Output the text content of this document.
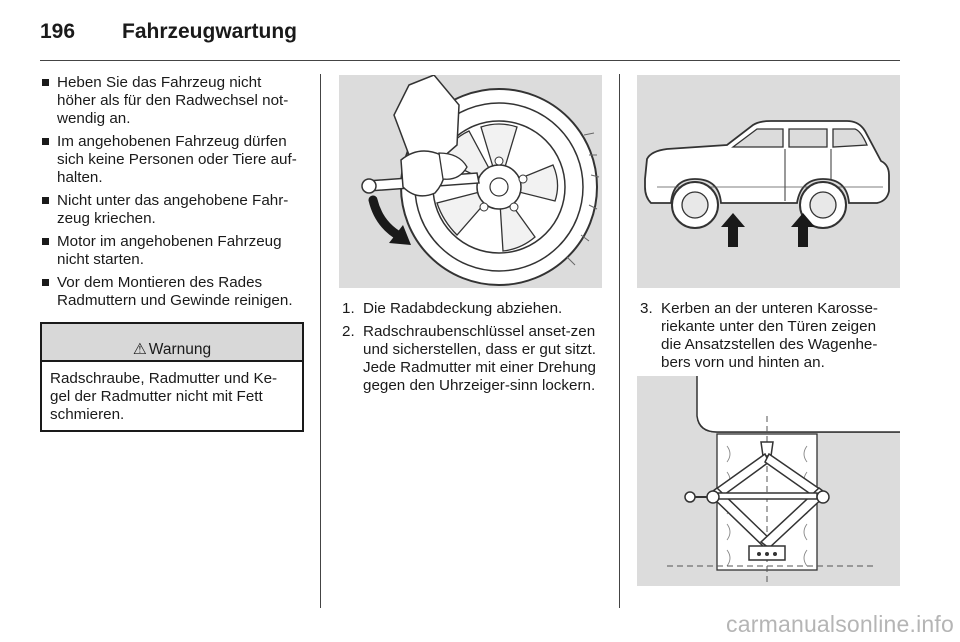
196 Fahrzeugwartung
Heben Sie das Fahrzeug nicht höher als für den Radwechsel not-wendig an.
Im angehobenen Fahrzeug dürfen sich keine Personen oder Tiere auf-halten.
Nicht unter das angehobene Fahr-zeug kriechen.
Motor im angehobenen Fahrzeug nicht starten.
Vor dem Montieren des Rades Radmuttern und Gewinde reinigen.
⚠ Warnung
Radschraube, Radmutter und Ke-gel der Radmutter nicht mit Fett schmieren.
1. Die Radabdeckung abziehen.
2. Radschraubenschlüssel anset-zen und sicherstellen, dass er gut sitzt. Jede Radmutter mit einer Drehung gegen den Uhrzeiger-sinn lockern.
3. Kerben an der unteren Karosse-riekante unter den Türen zeigen die Ansatzstellen des Wagenhe-bers vorn und hinten an.
carmanualsonline.info
